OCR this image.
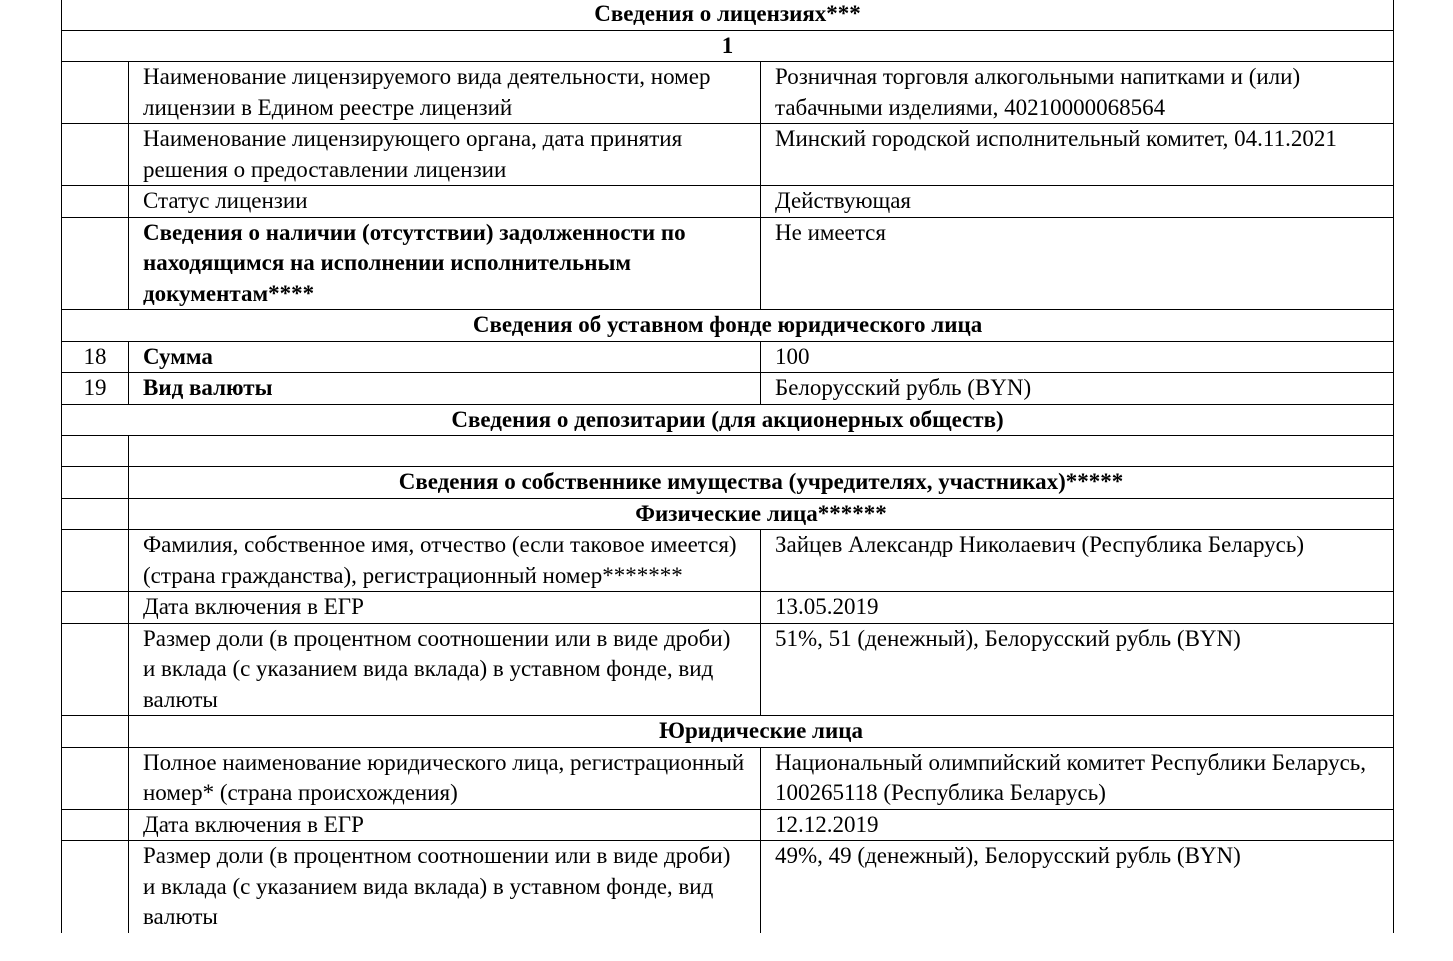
Сведения о лицензиях***		
1		
	Наименование лицензируемого вида деятельности, номер лицензии в Едином реестре лицензий	Розничная торговля алкогольными напитками и (или) табачными изделиями, 40210000068564
	Наименование лицензирующего органа, дата принятия решения о предоставлении лицензии	Минский городской исполнительный комитет, 04.11.2021
	Статус лицензии	Действующая
	Сведения о наличии (отсутствии) задолженности по находящимся на исполнении исполнительным документам****	Не имеется
Сведения об уставном фонде юридического лица		
18	Сумма	100
19	Вид валюты	Белорусский рубль (BYN)
Сведения о депозитарии (для акционерных обществ)		

	Сведения о собственнике имущества (учредителях, участниках)*****	
	Физические лица******	
	Фамилия, собственное имя, отчество (если таковое имеется) (страна гражданства), регистрационный номер*******	Зайцев Александр Николаевич (Республика Беларусь)
	Дата включения в ЕГР	13.05.2019
	Размер доли (в процентном соотношении или в виде дроби) и вклада (с указанием вида вклада) в уставном фонде, вид валюты	51%, 51 (денежный), Белорусский рубль (BYN)
	Юридические лица	
	Полное наименование юридического лица, регистрационный номер* (страна происхождения)	Национальный олимпийский комитет Республики Беларусь, 100265118 (Республика Беларусь)
	Дата включения в ЕГР	12.12.2019
	Размер доли (в процентном соотношении или в виде дроби) и вклада (с указанием вида вклада) в уставном фонде, вид валюты	49%, 49 (денежный), Белорусский рубль (BYN)
